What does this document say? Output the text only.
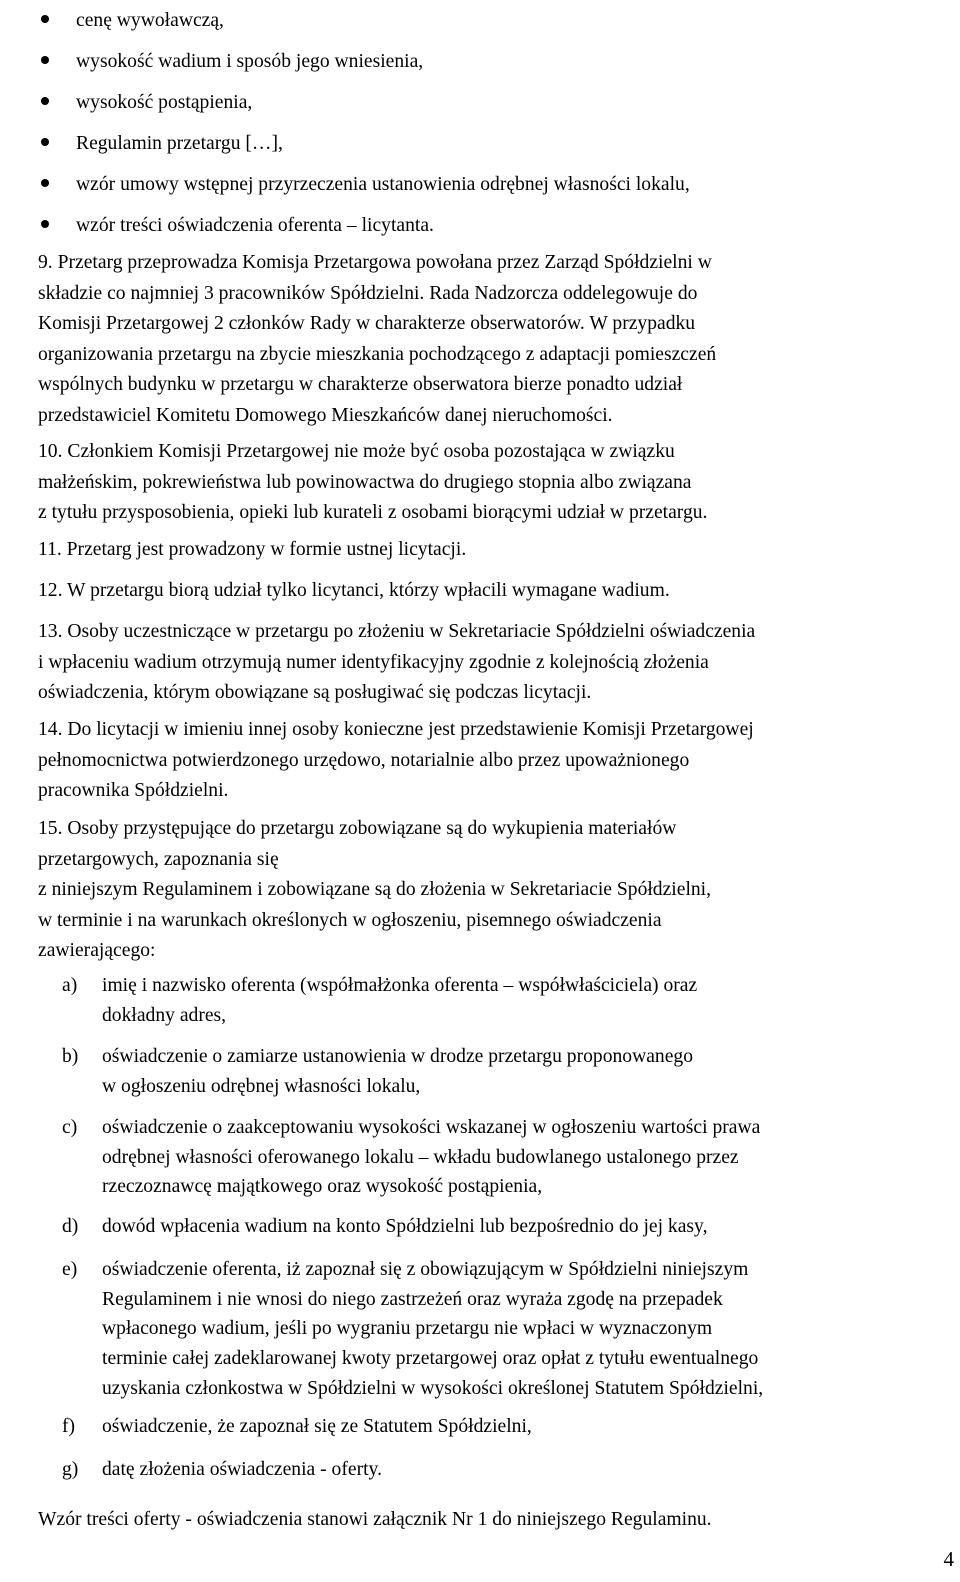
cenę wywoławczą,
wysokość wadium i sposób jego wniesienia,
wysokość postąpienia,
Regulamin przetargu […],
wzór umowy wstępnej przyrzeczenia ustanowienia odrębnej własności lokalu,
wzór treści oświadczenia oferenta – licytanta.

9. Przetarg przeprowadza Komisja Przetargowa powołana przez Zarząd Spółdzielni w

składzie co najmniej 3 pracowników Spółdzielni. Rada Nadzorcza oddelegowuje do

Komisji Przetargowej 2 członków Rady w charakterze obserwatorów. W przypadku

organizowania przetargu na zbycie mieszkania pochodzącego z adaptacji pomieszczeń

wspólnych budynku w przetargu w charakterze obserwatora bierze ponadto udział

przedstawiciel Komitetu Domowego Mieszkańców danej nieruchomości.

10. Członkiem Komisji Przetargowej nie może być osoba pozostająca w związku

małżeńskim, pokrewieństwa lub powinowactwa do drugiego stopnia albo związana

z tytułu przysposobienia, opieki lub kurateli z osobami biorącymi udział w przetargu.

11. Przetarg jest prowadzony w formie ustnej licytacji.

12. W przetargu biorą udział tylko licytanci, którzy wpłacili wymagane wadium.

13. Osoby uczestniczące w przetargu po złożeniu w Sekretariacie Spółdzielni oświadczenia

i wpłaceniu wadium otrzymują numer identyfikacyjny zgodnie z kolejnością złożenia

oświadczenia, którym obowiązane są posługiwać się podczas licytacji.

14. Do licytacji w imieniu innej osoby konieczne jest przedstawienie Komisji Przetargowej

pełnomocnictwa potwierdzonego urzędowo, notarialnie albo przez upoważnionego

pracownika Spółdzielni.

15. Osoby przystępujące do przetargu zobowiązane są do wykupienia materiałów

przetargowych, zapoznania się

z niniejszym Regulaminem i zobowiązane są do złożenia w Sekretariacie Spółdzielni,

w terminie i na warunkach określonych w ogłoszeniu, pisemnego oświadczenia

zawierającego:

a)	imię i nazwisko oferenta (współmałżonka oferenta – współwłaściciela) oraz

dokładny adres,

b)	oświadczenie o zamiarze ustanowienia w drodze przetargu proponowanego

w ogłoszeniu odrębnej własności lokalu,

c)	oświadczenie o zaakceptowaniu wysokości wskazanej w ogłoszeniu wartości prawa

odrębnej własności oferowanego lokalu – wkładu budowlanego ustalonego przez

rzeczoznawcę majątkowego oraz wysokość postąpienia,

d)	dowód wpłacenia wadium na konto Spółdzielni lub bezpośrednio do jej kasy,

e)	oświadczenie oferenta, iż zapoznał się z obowiązującym w Spółdzielni niniejszym

Regulaminem i nie wnosi do niego zastrzeżeń oraz wyraża zgodę na przepadek

wpłaconego wadium, jeśli po wygraniu przetargu nie wpłaci w wyznaczonym

terminie całej zadeklarowanej kwoty przetargowej oraz opłat z tytułu ewentualnego

uzyskania członkostwa w Spółdzielni w wysokości określonej Statutem Spółdzielni,

f)	oświadczenie, że zapoznał się ze Statutem Spółdzielni,

g)	datę złożenia oświadczenia - oferty.

Wzór treści oferty - oświadczenia stanowi załącznik Nr 1 do niniejszego Regulaminu.
4
